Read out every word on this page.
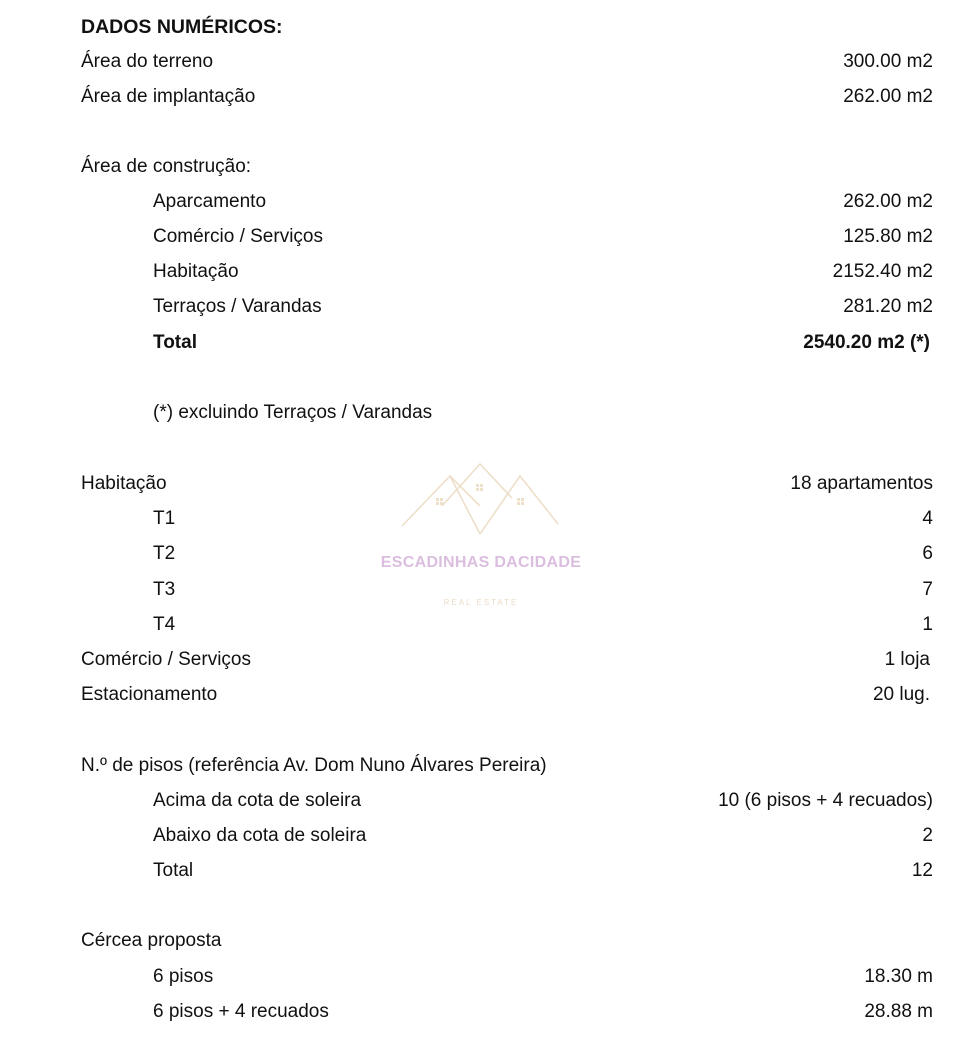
ESCADINHAS DACIDADE
REAL ESTATE
DADOS NUMÉRICOS:
Área do terreno	300.00 m2
Área de implantação	262.00 m2
Área de construção:
Aparcamento	262.00 m2
Comércio / Serviços	125.80 m2
Habitação	2152.40 m2
Terraços / Varandas	281.20 m2
Total	2540.20 m2 (*)
(*) excluindo Terraços / Varandas
Habitação	18 apartamentos
T1	4
T2	6
T3	7
T4	1
Comércio / Serviços	1 loja
Estacionamento	20 lug.
N.º de pisos (referência Av. Dom Nuno Álvares Pereira)
Acima da cota de soleira	10 (6 pisos + 4 recuados)
Abaixo da cota de soleira	2
Total	12
Cércea proposta
6 pisos	18.30 m
6 pisos + 4 recuados	28.88 m
